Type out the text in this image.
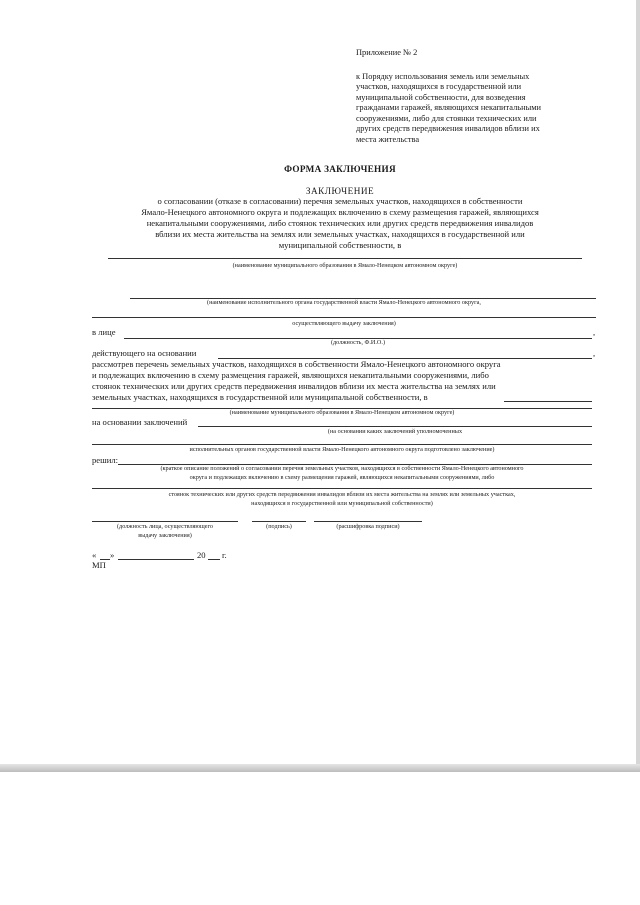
Приложение № 2
к Порядку использования земель или земельных
участков, находящихся в государственной или
муниципальной собственности, для возведения
гражданами гаражей, являющихся некапитальными
сооружениями, либо для стоянки технических или
других средств передвижения инвалидов вблизи их
места жительства
ФОРМА ЗАКЛЮЧЕНИЯ
ЗАКЛЮЧЕНИЕ
о согласовании (отказе в согласовании) перечня земельных участков, находящихся в собственности
Ямало-Ненецкого автономного округа и подлежащих включению в схему размещения гаражей, являющихся
некапитальными сооружениями, либо стоянок технических или других средств передвижения инвалидов
вблизи их места жительства на землях или земельных участках, находящихся в государственной или
муниципальной собственности, в
(наименование муниципального образования в Ямало-Ненецком автономном округе)
(наименование исполнительного органа государственной власти Ямало-Ненецкого автономного округа,
осуществляющего выдачу заключения)
в лице	,
(должность, Ф.И.О.)
действующего на основании	,
рассмотрев перечень земельных участков, находящихся в собственности Ямало-Ненецкого автономного округа
и подлежащих включению в схему размещения гаражей, являющихся некапитальными сооружениями, либо
стоянок технических или других средств передвижения инвалидов вблизи их места жительства на землях или
земельных участках, находящихся в государственной или муниципальной собственности, в
(наименование муниципального образования в Ямало-Ненецком автономном округе)
на основании заключений
(на основании каких заключений уполномоченных
исполнительных органов государственной власти Ямало-Ненецкого автономного округа подготовлено заключение)
решил:
(краткое описание положений о согласовании перечня земельных участков, находящихся в собственности Ямало-Ненецкого автономного
округа и подлежащих включению в схему размещения гаражей, являющихся некапитальными сооружениями, либо
стоянок технических или других средств передвижения инвалидов вблизи их места жительства на землях или земельных участках,
находящихся в государственной или муниципальной собственности)
(должность лица, осуществляющего
выдачу заключения)
(подпись)	(расшифровка подписи)
« »	20 г.
МП
